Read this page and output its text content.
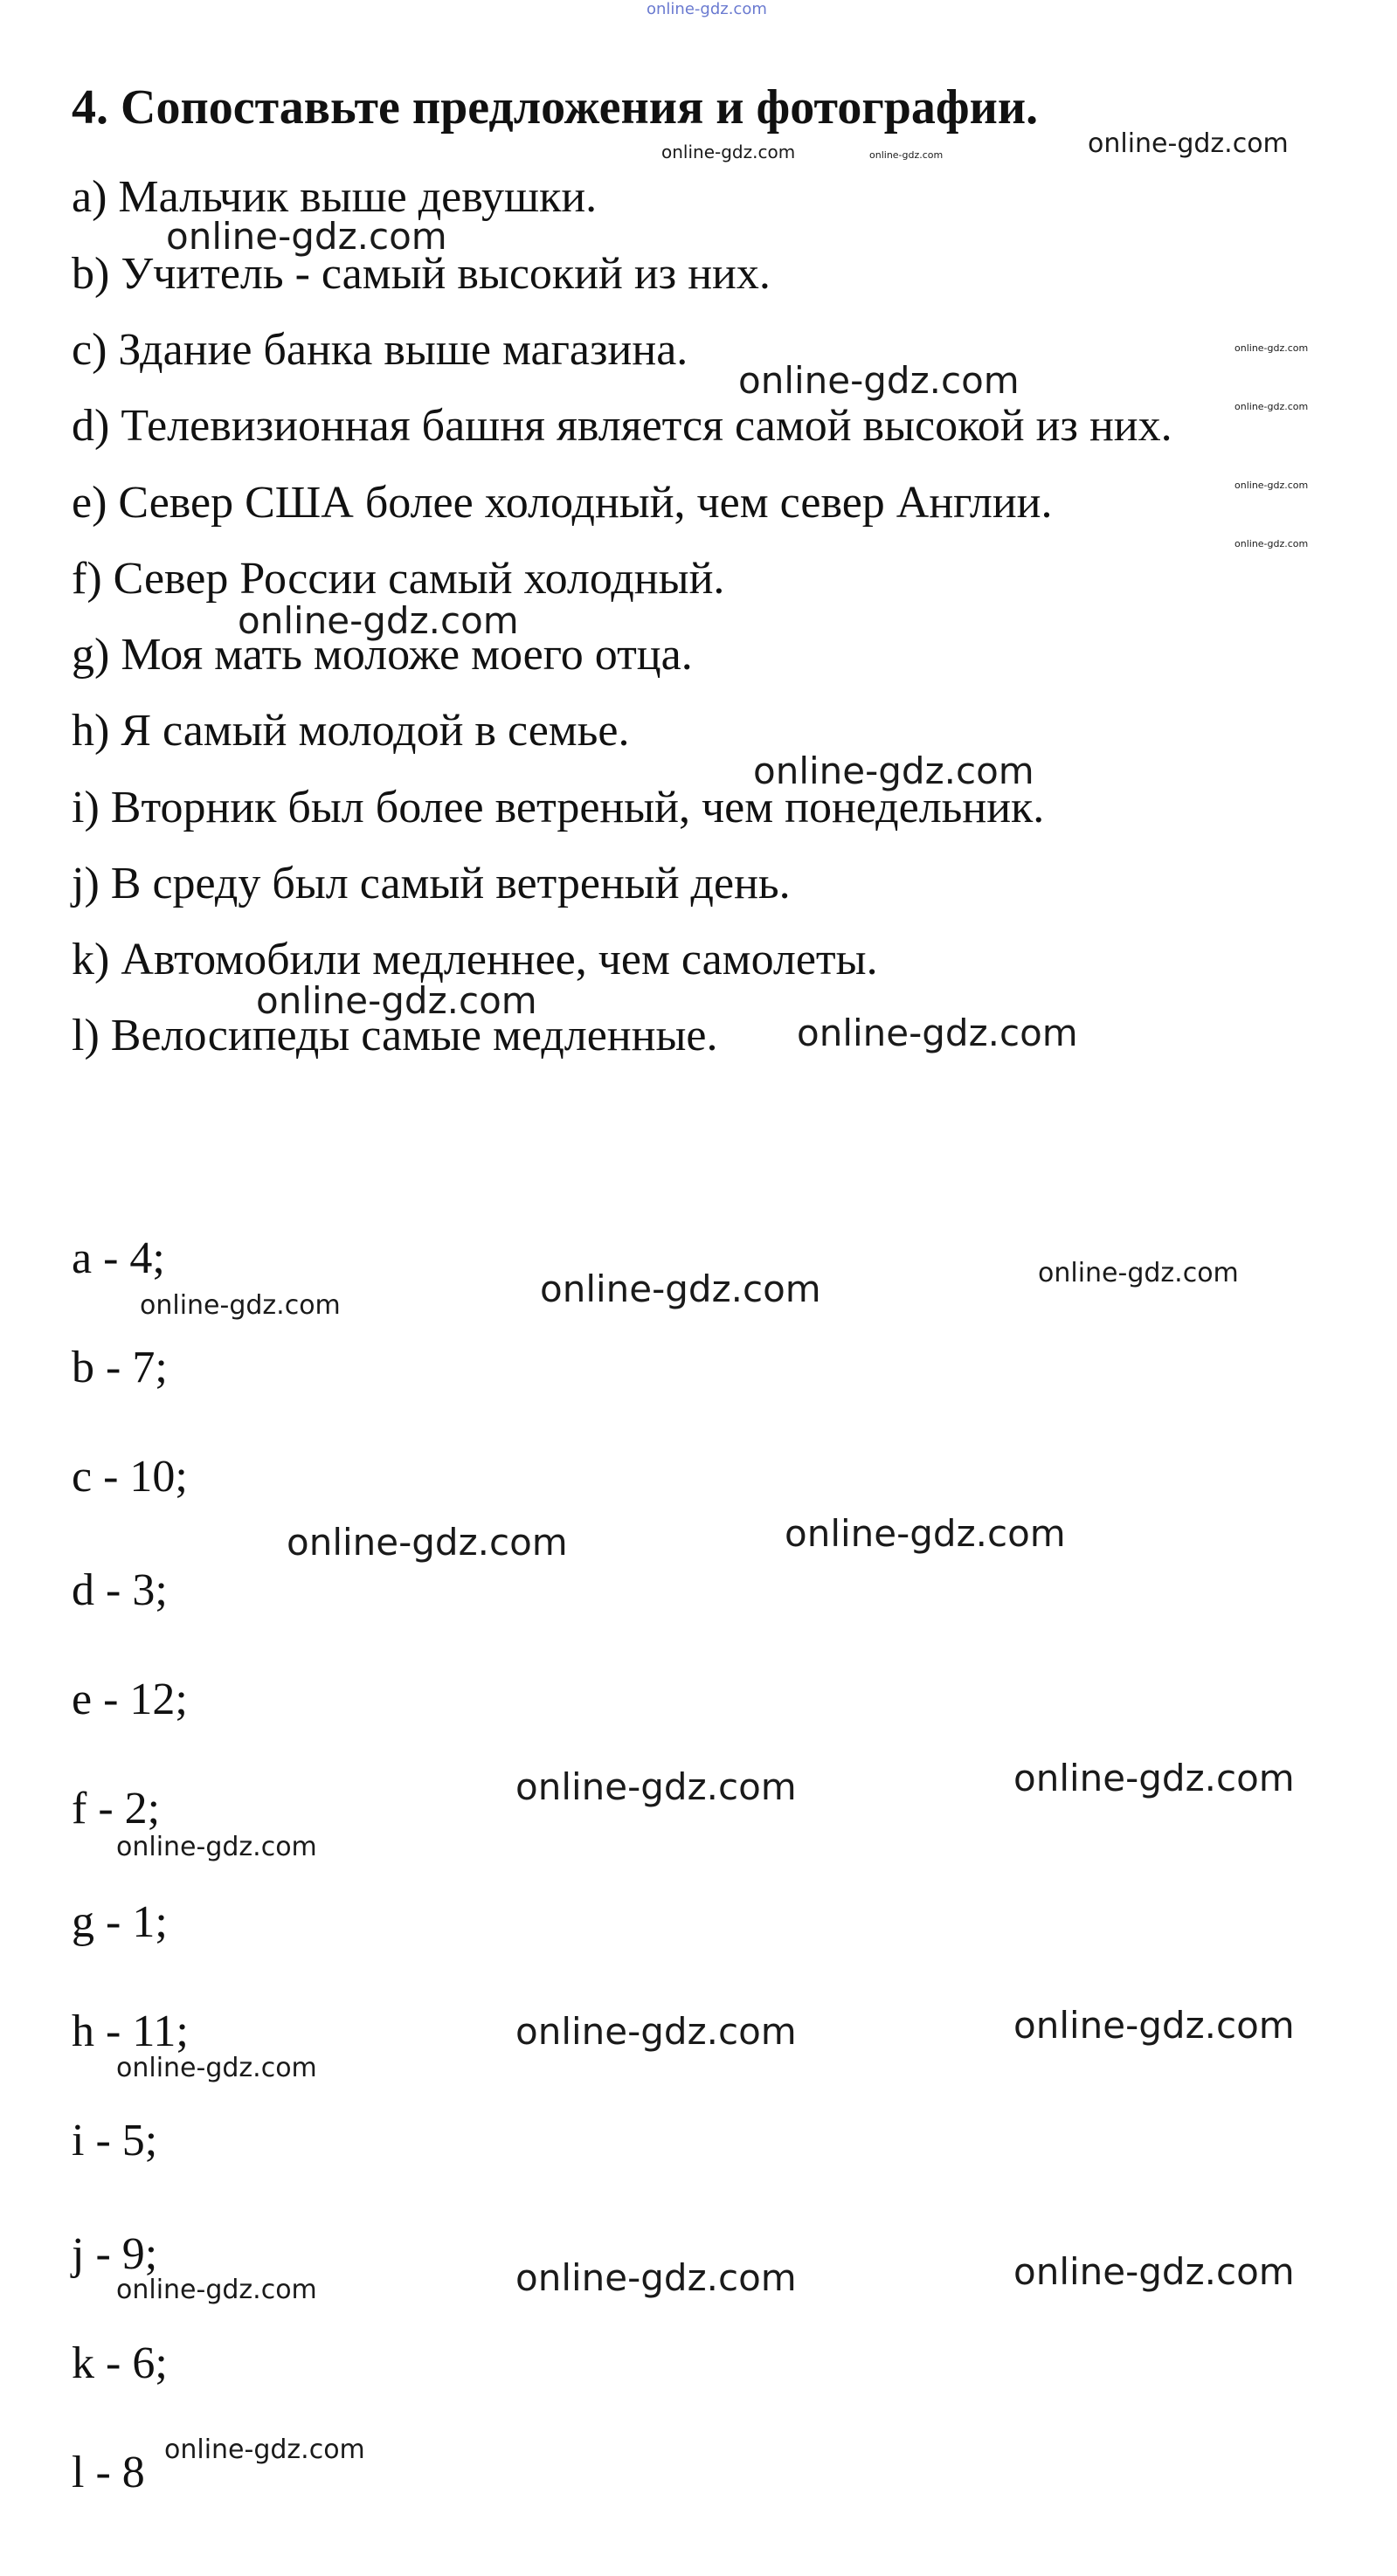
online-gdz.com
4. Сопоставьте предложения и фотографии.
a) Мальчик выше девушки.
b) Учитель - самый высокий из них.
c) Здание банка выше магазина.
d) Телевизионная башня является самой высокой из них.
e) Север США более холодный, чем север Англии.
f) Север России самый холодный.
g) Моя мать моложе моего отца.
h) Я самый молодой в семье.
i) Вторник был более ветреный, чем понедельник.
j) В среду был самый ветреный день.
k) Автомобили медленнее, чем самолеты.
l) Велосипеды самые медленные.
a - 4;
b - 7;
c - 10;
d - 3;
e - 12;
f - 2;
g - 1;
h - 11;
i - 5;
j - 9;
k - 6;
l - 8
online-gdz.com	online-gdz.com	online-gdz.com
online-gdz.com
online-gdz.com
online-gdz.com
online-gdz.com
online-gdz.com
online-gdz.com
online-gdz.com
online-gdz.com
online-gdz.com
online-gdz.com
online-gdz.com	online-gdz.com
online-gdz.com
online-gdz.com	online-gdz.com
online-gdz.com	online-gdz.com
online-gdz.com
online-gdz.com	online-gdz.com
online-gdz.com
online-gdz.com	online-gdz.com
online-gdz.com
online-gdz.com
